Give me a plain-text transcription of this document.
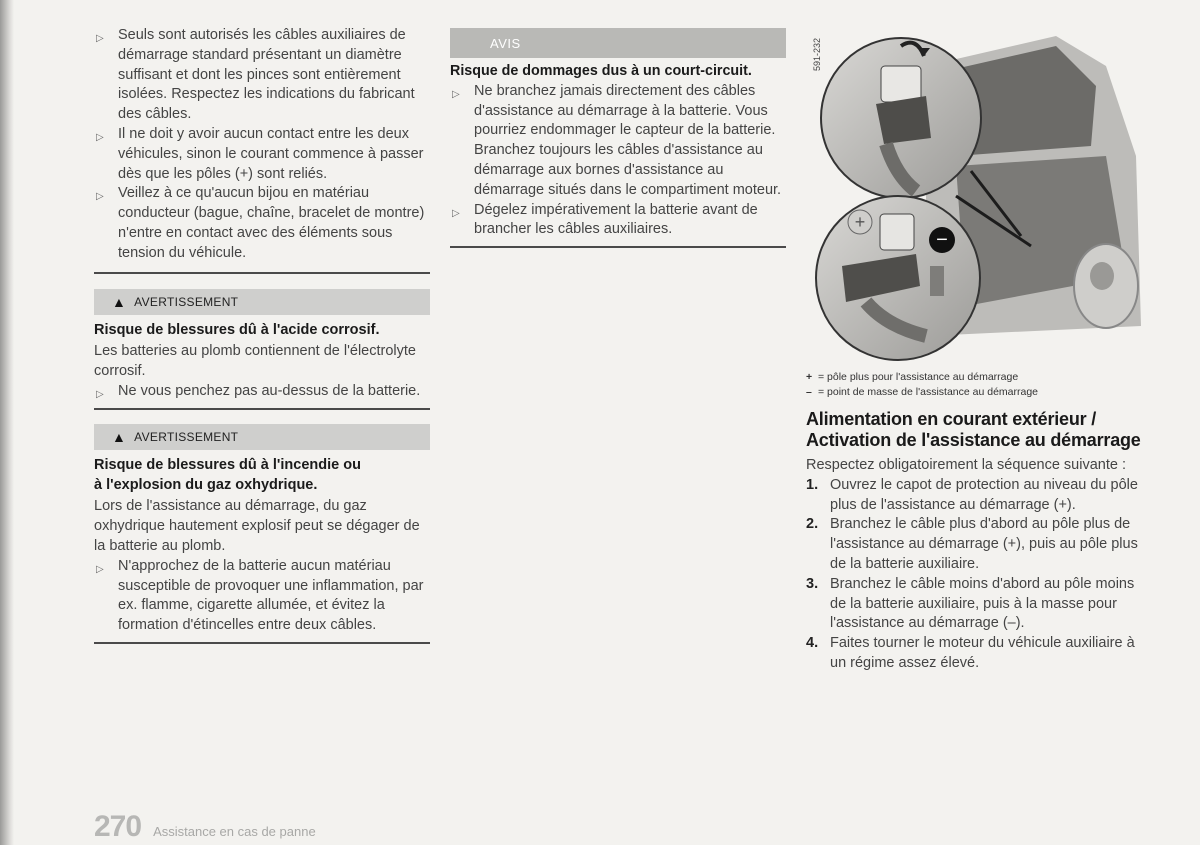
▷ Seuls sont autorisés les câbles auxiliaires de démarrage standard présentant un diamètre suffisant et dont les pinces sont entièrement isolées. Respectez les indications du fabricant des câbles.
▷ Il ne doit y avoir aucun contact entre les deux véhicules, sinon le courant commence à passer dès que les pôles (+) sont reliés.
▷ Veillez à ce qu'aucun bijou en matériau conducteur (bague, chaîne, bracelet de montre) n'entre en contact avec des éléments sous tension du véhicule.
▲ AVERTISSEMENT
Risque de blessures dû à l'acide corrosif.
Les batteries au plomb contiennent de l'électrolyte corrosif.
▷ Ne vous penchez pas au-dessus de la batterie.
▲ AVERTISSEMENT
Risque de blessures dû à l'incendie ou
à l'explosion du gaz oxhydrique.
Lors de l'assistance au démarrage, du gaz oxhydrique hautement explosif peut se dégager de la batterie au plomb.
▷ N'approchez de la batterie aucun matériau susceptible de provoquer une inflammation, par ex. flamme, cigarette allumée, et évitez la formation d'étincelles entre deux câbles.
AVIS
Risque de dommages dus à un court-circuit.
▷ Ne branchez jamais directement des câbles d'assistance au démarrage à la batterie. Vous pourriez endommager le capteur de la batterie. Branchez toujours les câbles d'assistance au démarrage aux bornes d'assistance au démarrage situés dans le compartiment moteur.
▷ Dégelez impérativement la batterie avant de brancher les câbles auxiliaires.	+
−
591-232
+ = pôle plus pour l'assistance au démarrage
– = point de masse de l'assistance au démarrage
Alimentation en courant extérieur /
Activation de l'assistance au démarrage
Respectez obligatoirement la séquence suivante :
1. Ouvrez le capot de protection au niveau du pôle plus de l'assistance au démarrage (+).
2. Branchez le câble plus d'abord au pôle plus de l'assistance au démarrage (+), puis au pôle plus de la batterie auxiliaire.
3. Branchez le câble moins d'abord au pôle moins de la batterie auxiliaire, puis à la masse pour l'assistance au démarrage (–).
4. Faites tourner le moteur du véhicule auxiliaire à un régime assez élevé.
270 Assistance en cas de panne
